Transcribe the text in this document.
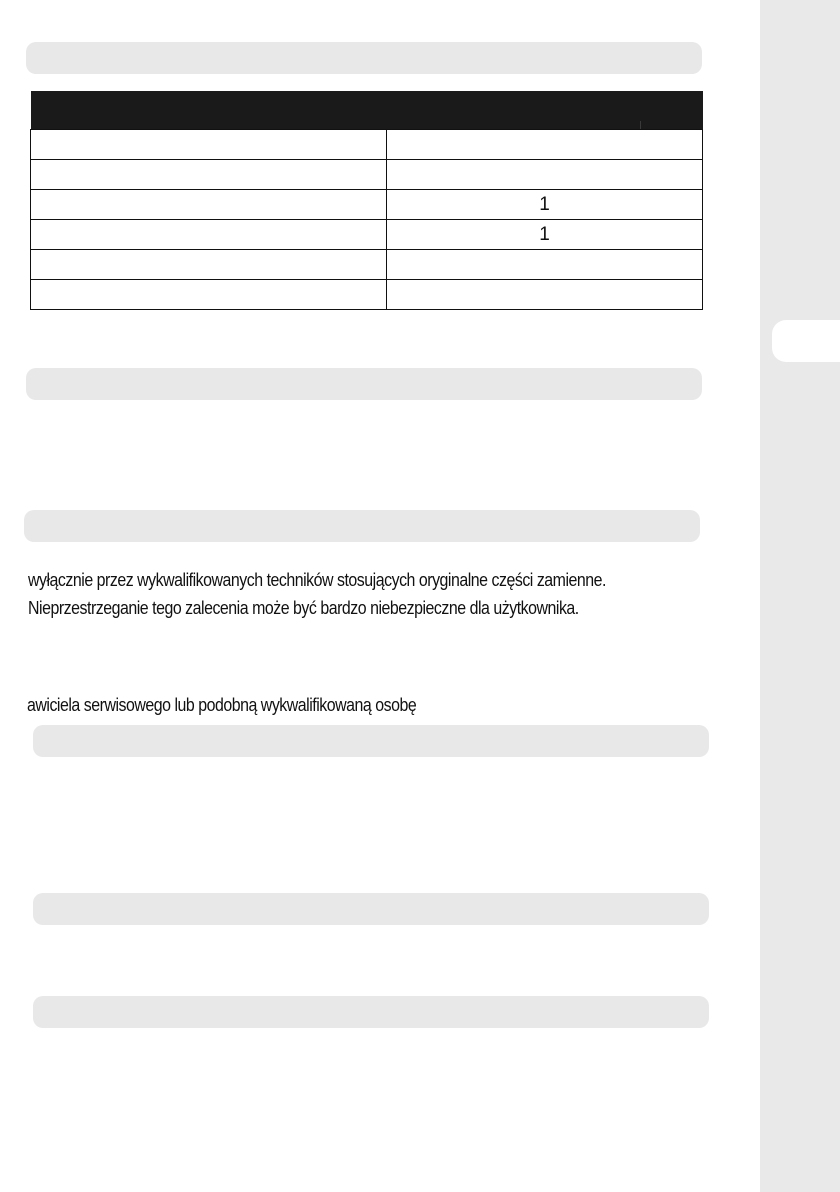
	1
	1

wyłącznie przez wykwalifikowanych techników stosujących oryginalne części zamienne.
Nieprzestrzeganie tego zalecenia może być bardzo niebezpieczne dla użytkownika.
awiciela serwisowego lub podobną wykwalifikowaną osobę
